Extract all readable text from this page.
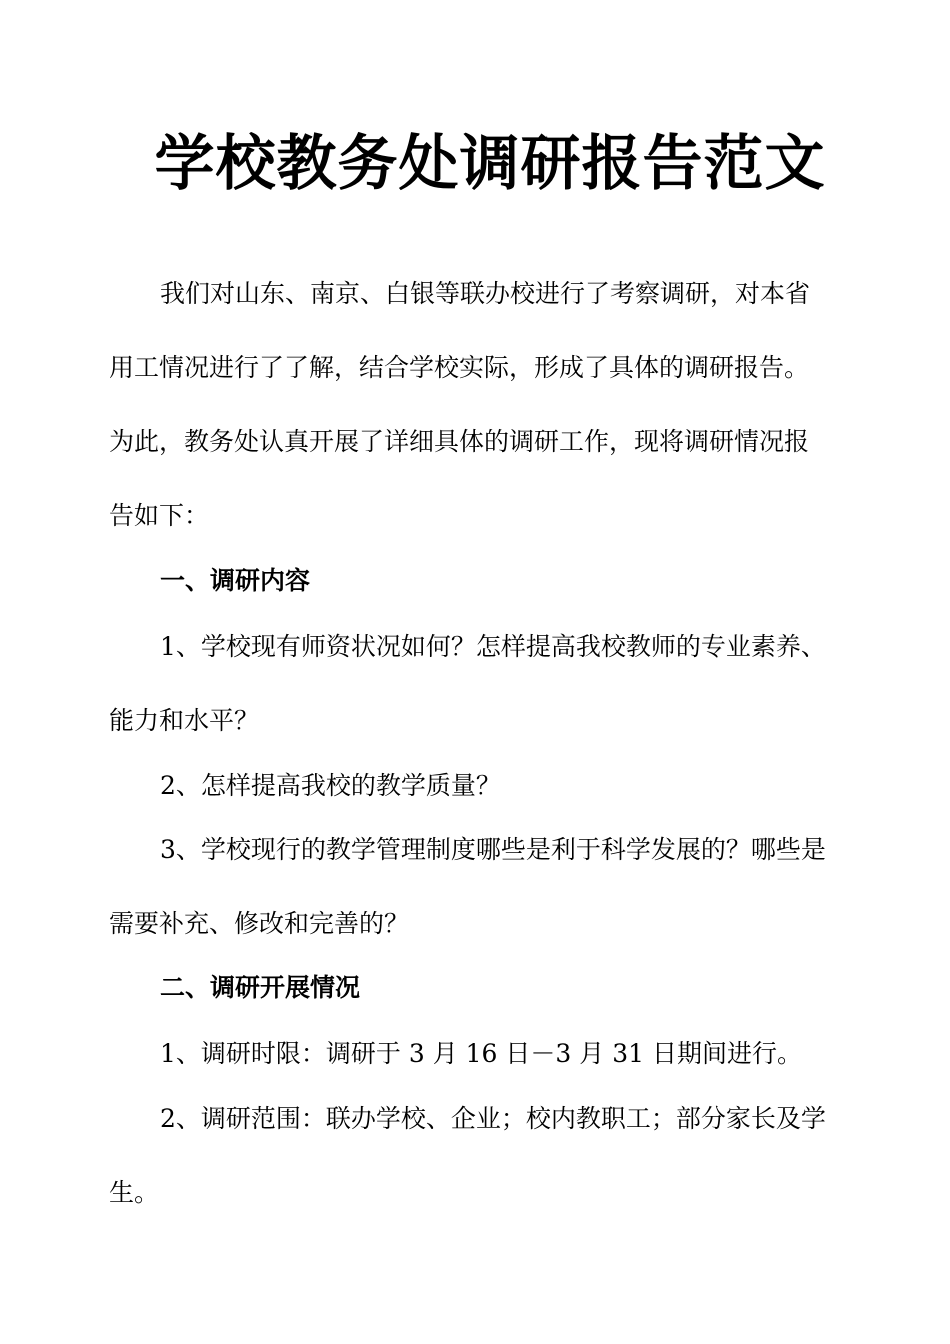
学校教务处调研报告范文
我们对山东、南京、白银等联办校进行了考察调研，对本省
用工情况进行了了解，结合学校实际，形成了具体的调研报告。
为此，教务处认真开展了详细具体的调研工作，现将调研情况报
告如下：
一、调研内容
1、学校现有师资状况如何？怎样提高我校教师的专业素养、
能力和水平？
2、怎样提高我校的教学质量？
3、学校现行的教学管理制度哪些是利于科学发展的？哪些是
需要补充、修改和完善的？
二、调研开展情况
1、调研时限：调研于 3 月 16 日－3 月 31 日期间进行。
2、调研范围：联办学校、企业；校内教职工；部分家长及学
生。
